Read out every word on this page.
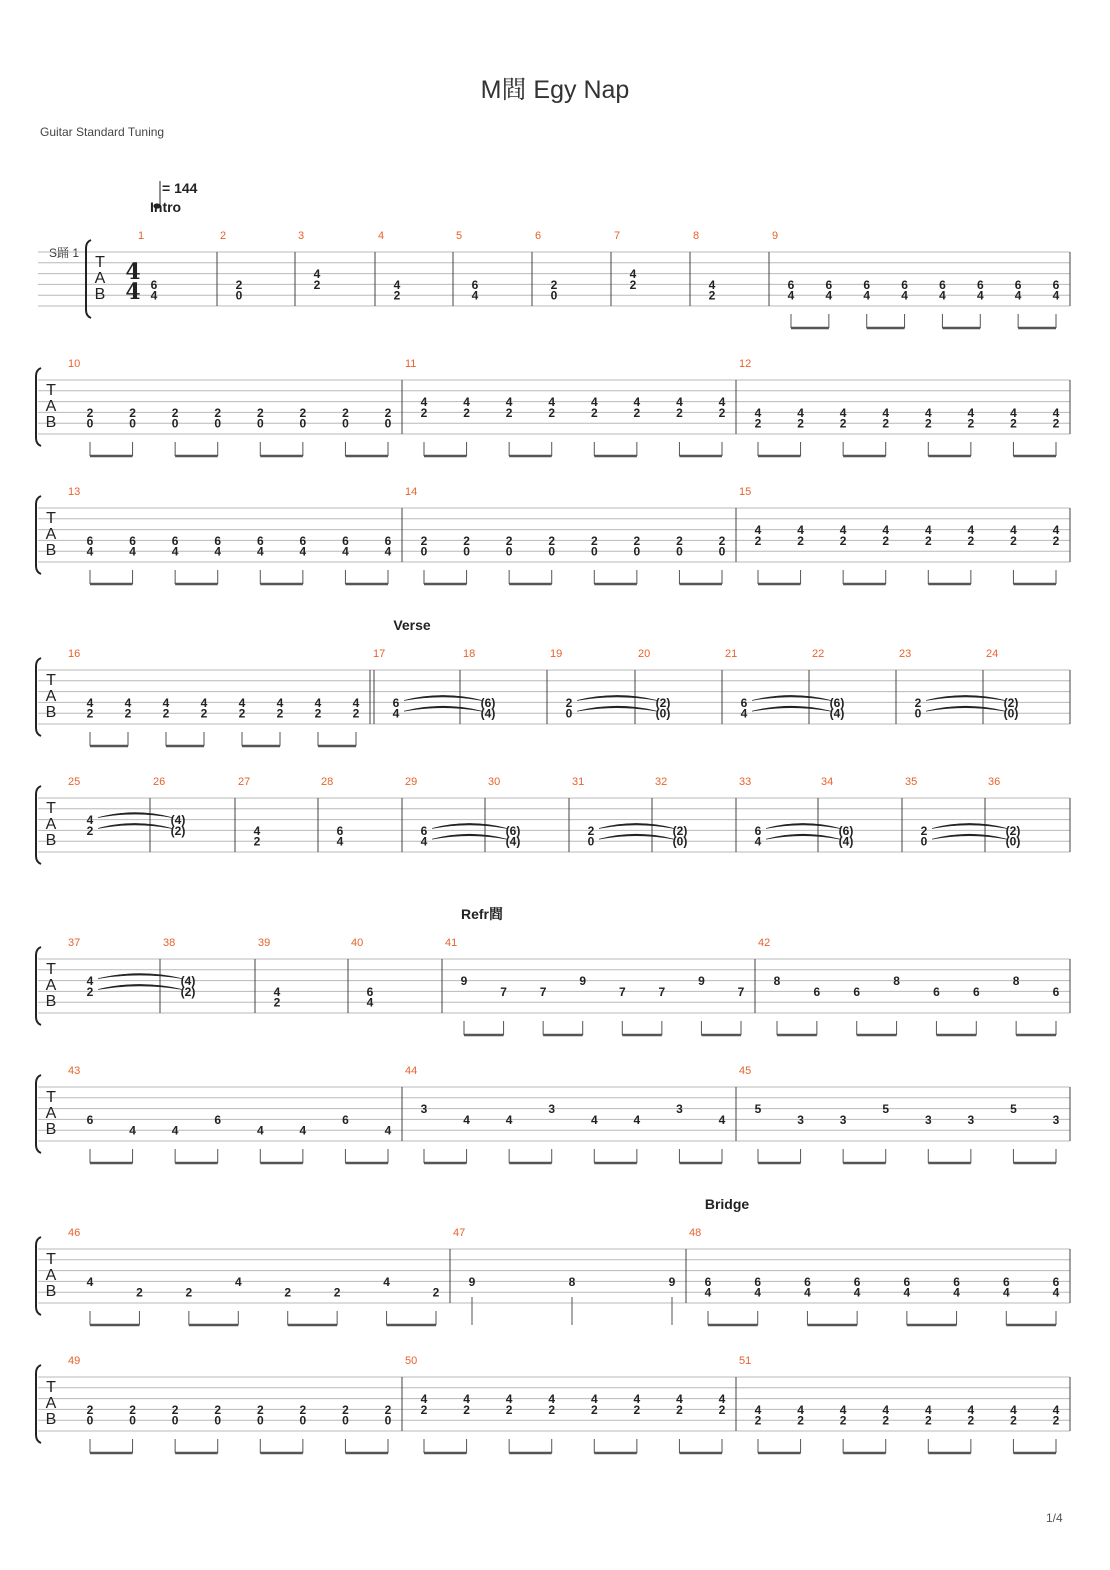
M閰 Egy Nap
Guitar Standard Tuning
= 144
S踊 1
T
A
B
4
4
Intro
1
6
4
2
2
0
3
4
2
4
4
2
5
6
4
6
2
0
7
4
2
8
4
2
9
6
4
6
4
6
4
6
4
6
4
6
4
6
4
6
4
T
A
B
10
2
0
2
0
2
0
2
0
2
0
2
0
2
0
2
0
11
4
2
4
2
4
2
4
2
4
2
4
2
4
2
4
2
12
4
2
4
2
4
2
4
2
4
2
4
2
4
2
4
2
T
A
B
13
6
4
6
4
6
4
6
4
6
4
6
4
6
4
6
4
14
2
0
2
0
2
0
2
0
2
0
2
0
2
0
2
0
15
4
2
4
2
4
2
4
2
4
2
4
2
4
2
4
2
T
A
B
Verse
16
4
2
4
2
4
2
4
2
4
2
4
2
4
2
4
2
17
6
4
18
(6)
(4)
19
2
0
20
(2)
(0)
21
6
4
22
(6)
(4)
23
2
0
24
(2)
(0)
T
A
B
25
4
2
26
(4)
(2)
27
4
2
28
6
4
29
6
4
30
(6)
(4)
31
2
0
32
(2)
(0)
33
6
4
34
(6)
(4)
35
2
0
36
(2)
(0)
T
A
B
Refr閰
37
4
2
38
(4)
(2)
39
4
2
40
6
4
41
9
7	7
9
7	7
9
7
42
8
6	6
8
6	6
8
6
T
A
B
43
6
4	4
6
4	4
6
4
44
3
4	4
3
4	4
3
4
45
5
3	3
5
3	3
5
3
T
A
B
Bridge
46
4
2	2
4
2	2
4
2
47
9	8	9
48
6
4
6
4
6
4
6
4
6
4
6
4
6
4
6
4
T
A
B
49
2
0
2
0
2
0
2
0
2
0
2
0
2
0
2
0
50
4
2
4
2
4
2
4
2
4
2
4
2
4
2
4
2
51
4
2
4
2
4
2
4
2
4
2
4
2
4
2
4
2
1/4
